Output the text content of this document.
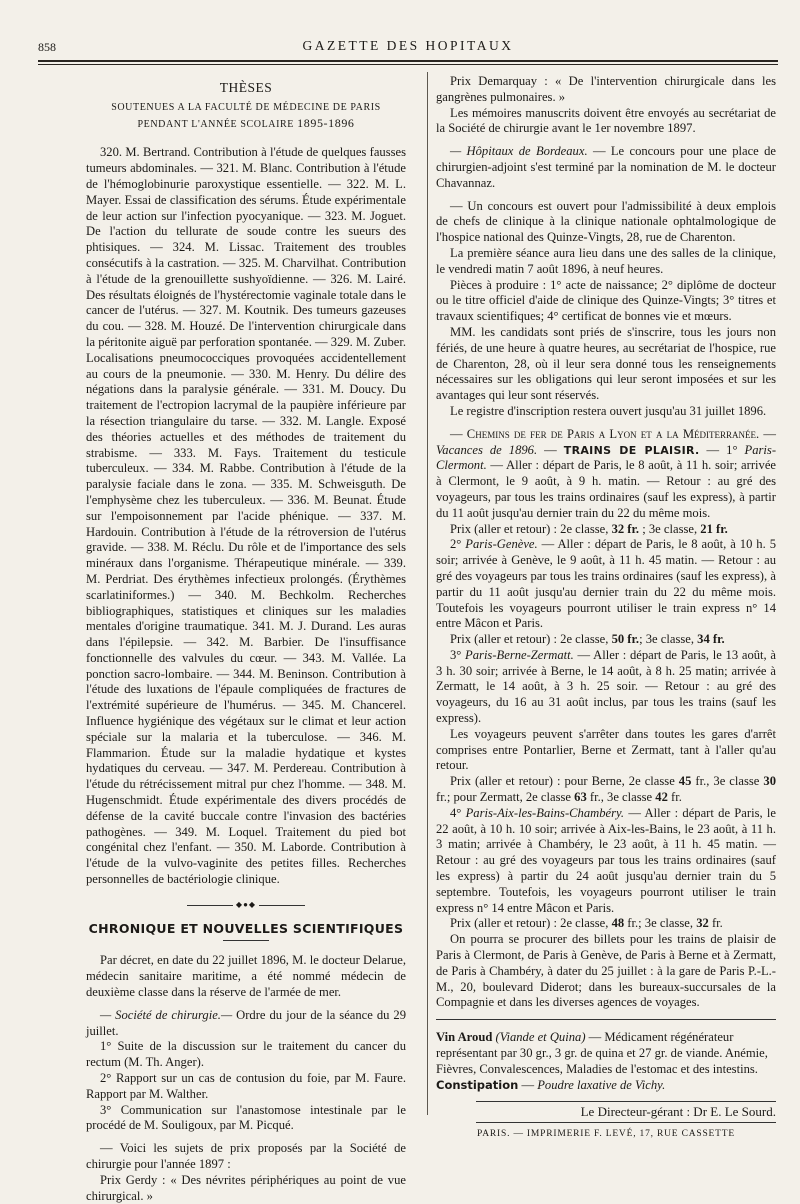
858	GAZETTE DES HOPITAUX
THÈSES
SOUTENUES A LA FACULTÉ DE MÉDECINE DE PARIS
PENDANT L'ANNÉE SCOLAIRE 1895-1896

320. M. Bertrand. Contribution à l'étude de quelques fausses tumeurs abdominales. — 321. M. Blanc. Contribution à l'étude de l'hémoglobinurie paroxystique essentielle. — 322. M. L. Mayer. Essai de classification des sérums. Étude expérimentale de leur action sur l'infection pyocyanique. — 323. M. Joguet. De l'action du tellurate de soude contre les sueurs des phtisiques. — 324. M. Lissac. Traitement des troubles consécutifs à la castration. — 325. M. Charvilhat. Contribution à l'étude de la grenouillette sushyoïdienne. — 326. M. Lairé. Des résultats éloignés de l'hystérectomie vaginale totale dans le cancer de l'utérus. — 327. M. Koutnik. Des tumeurs gazeuses du cou. — 328. M. Houzé. De l'intervention chirurgicale dans la péritonite aiguë par perforation spontanée. — 329. M. Zuber. Localisations pneumococciques provoquées accidentellement au cours de la pneumonie. — 330. M. Henry. Du délire des négations dans la paralysie générale. — 331. M. Doucy. Du traitement de l'ectropion lacrymal de la paupière inférieure par la résection triangulaire du tarse. — 332. M. Langle. Exposé des théories actuelles et des méthodes de traitement du strabisme. — 333. M. Fays. Traitement du testicule tuberculeux. — 334. M. Rabbe. Contribution à l'étude de la paralysie faciale dans le zona. — 335. M. Schweisguth. De l'emphysème chez les tuberculeux. — 336. M. Beunat. Étude sur l'empoisonnement par l'acide phénique. — 337. M. Hardouin. Contribution à l'étude de la rétroversion de l'utérus gravide. — 338. M. Réclu. Du rôle et de l'importance des sels minéraux dans l'organisme. Thérapeutique minérale. — 339. M. Perdriat. Des érythèmes infectieux prolongés. (Érythèmes scarlatiniformes.) — 340. M. Bechkolm. Recherches bibliographiques, statistiques et cliniques sur les maladies mentales d'origine traumatique. 341. M. J. Durand. Les auras dans l'épilepsie. — 342. M. Barbier. De l'insuffisance fonctionnelle des valvules du cœur. — 343. M. Vallée. La ponction sacro-lombaire. — 344. M. Beninson. Contribution à l'étude des luxations de l'épaule compliquées de fractures de l'extrémité supérieure de l'humérus. — 345. M. Chancerel. Influence hygiénique des végétaux sur le climat et leur action spéciale sur la malaria et la tuberculose. — 346. M. Flammarion. Étude sur la maladie hydatique et kystes hydatiques du cerveau. — 347. M. Perdereau. Contribution à l'étude du rétrécissement mitral pur chez l'homme. — 348. M. Hugenschmidt. Étude expérimentale des divers procédés de défense de la cavité buccale contre l'invasion des bactéries pathogènes. — 349. M. Loquel. Traitement du pied bot congénital chez l'enfant. — 350. M. Laborde. Contribution à l'étude de la vulvo-vaginite des petites filles. Recherches personnelles de bactériologie clinique.

◆●◆
CHRONIQUE ET NOUVELLES SCIENTIFIQUES

Par décret, en date du 22 juillet 1896, M. le docteur Delarue, médecin sanitaire maritime, a été nommé médecin de deuxième classe dans la réserve de l'armée de mer.

— Société de chirurgie.— Ordre du jour de la séance du 29 juillet.

1° Suite de la discussion sur le traitement du cancer du rectum (M. Th. Anger).

2° Rapport sur un cas de contusion du foie, par M. Faure. Rapport par M. Walther.

3° Communication sur l'anastomose intestinale par le procédé de M. Souligoux, par M. Picqué.

— Voici les sujets de prix proposés par la Société de chirurgie pour l'année 1897 :

Prix Gerdy : « Des névrites périphériques au point de vue chirurgical. »

Prix Demarquay : « De l'intervention chirurgicale dans les gangrènes pulmonaires. »

Les mémoires manuscrits doivent être envoyés au secrétariat de la Société de chirurgie avant le 1er novembre 1897.

— Hôpitaux de Bordeaux. — Le concours pour une place de chirurgien-adjoint s'est terminé par la nomination de M. le docteur Chavannaz.

— Un concours est ouvert pour l'admissibilité à deux emplois de chefs de clinique à la clinique nationale ophtalmologique de l'hospice national des Quinze-Vingts, 28, rue de Charenton.

La première séance aura lieu dans une des salles de la clinique, le vendredi matin 7 août 1896, à neuf heures.

Pièces à produire : 1° acte de naissance; 2° diplôme de docteur ou le titre officiel d'aide de clinique des Quinze-Vingts; 3° titres et travaux scientifiques; 4° certificat de bonnes vie et mœurs.

MM. les candidats sont priés de s'inscrire, tous les jours non fériés, de une heure à quatre heures, au secrétariat de l'hospice, rue de Charenton, 28, où il leur sera donné tous les renseignements nécessaires sur les obligations qui leur seront imposées et sur les avantages qui leur sont réservés.

Le registre d'inscription restera ouvert jusqu'au 31 juillet 1896.

— Chemins de fer de Paris a Lyon et a la Méditerranée. — Vacances de 1896. — TRAINS DE PLAISIR. — 1° Paris-Clermont. — Aller : départ de Paris, le 8 août, à 11 h. soir; arrivée à Clermont, le 9 août, à 9 h. matin. — Retour : au gré des voyageurs, par tous les trains ordinaires (sauf les express), à partir du 11 août jusqu'au dernier train du 22 du même mois.

Prix (aller et retour) : 2e classe, 32 fr. ; 3e classe, 21 fr.

2° Paris-Genève. — Aller : départ de Paris, le 8 août, à 10 h. 5 soir; arrivée à Genève, le 9 août, à 11 h. 45 matin. — Retour : au gré des voyageurs par tous les trains ordinaires (sauf les express), à partir du 11 août jusqu'au dernier train du 22 du même mois. Toutefois les voyageurs pourront utiliser le train express n° 14 entre Mâcon et Paris.

Prix (aller et retour) : 2e classe, 50 fr.; 3e classe, 34 fr.

3° Paris-Berne-Zermatt. — Aller : départ de Paris, le 13 août, à 3 h. 30 soir; arrivée à Berne, le 14 août, à 8 h. 25 matin; arrivée à Zermatt, le 14 août, à 3 h. 25 soir. — Retour : au gré des voyageurs, du 16 au 31 août inclus, par tous les trains (sauf les express).

Les voyageurs peuvent s'arrêter dans toutes les gares d'arrêt comprises entre Pontarlier, Berne et Zermatt, tant à l'aller qu'au retour.

Prix (aller et retour) : pour Berne, 2e classe 45 fr., 3e classe 30 fr.; pour Zermatt, 2e classe 63 fr., 3e classe 42 fr.

4° Paris-Aix-les-Bains-Chambéry. — Aller : départ de Paris, le 22 août, à 10 h. 10 soir; arrivée à Aix-les-Bains, le 23 août, à 11 h. 3 matin; arrivée à Chambéry, le 23 août, à 11 h. 45 matin. — Retour : au gré des voyageurs par tous les trains ordinaires (sauf les express) à partir du 24 août jusqu'au dernier train du 5 septembre. Toutefois, les voyageurs pourront utiliser le train express n° 14 entre Mâcon et Paris.

Prix (aller et retour) : 2e classe, 48 fr.; 3e classe, 32 fr.

On pourra se procurer des billets pour les trains de plaisir de Paris à Clermont, de Paris à Genève, de Paris à Berne et à Zermatt, de Paris à Chambéry, à dater du 25 juillet : à la gare de Paris P.-L.-M., 20, boulevard Diderot; dans les bureaux-succursales de la Compagnie et dans les diverses agences de voyages.

Vin Aroud (Viande et Quina) — Médicament régénérateur représentant par 30 gr., 3 gr. de quina et 27 gr. de viande. Anémie, Fièvres, Convalescences, Maladies de l'estomac et des intestins.

Constipation — Poudre laxative de Vichy.

Le Directeur-gérant : Dr E. Le Sourd.
PARIS. — IMPRIMERIE F. LEVÉ, 17, RUE CASSETTE
